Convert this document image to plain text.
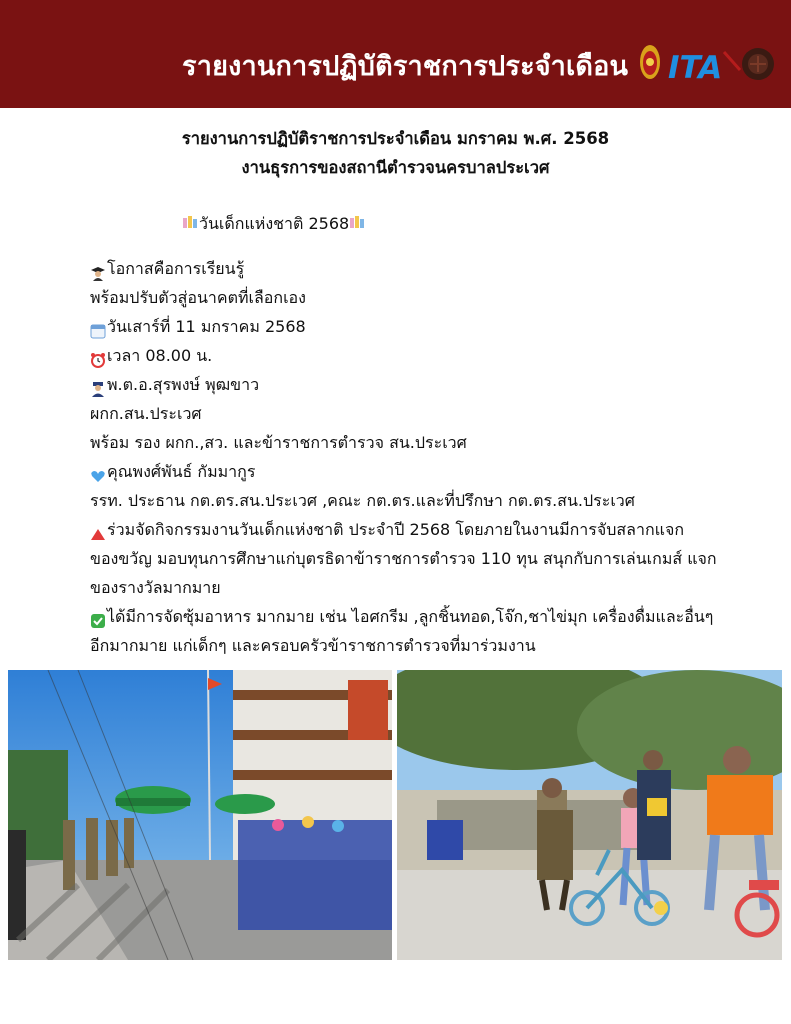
รายงานการปฏิบัติราชการประจำเดือน ITA
รายงานการปฏิบัติราชการประจำเดือน มกราคม พ.ศ. 2568
งานธุรการของสถานีตำรวจนครบาลประเวศ
วันเด็กแห่งชาติ 2568
โอกาสคือการเรียนรู้
พร้อมปรับตัวสู่อนาคตที่เลือกเอง
วันเสาร์ที่ 11 มกราคม 2568
เวลา 08.00 น.
พ.ต.อ.สุรพงษ์ พุฒขาว
ผกก.สน.ประเวศ
พร้อม รอง ผกก.,สว. และข้าราชการตำรวจ สน.ประเวศ
คุณพงศ์พันธ์ กัมมากูร
รรท. ประธาน กต.ตร.สน.ประเวศ ,คณะ กต.ตร.และที่ปรึกษา กต.ตร.สน.ประเวศ
ร่วมจัดกิจกรรมงานวันเด็กแห่งชาติ ประจำปี 2568 โดยภายในงานมีการจับสลากแจก
ของขวัญ มอบทุนการศึกษาแก่บุตรธิดาข้าราชการตำรวจ 110 ทุน สนุกกับการเล่นเกมส์ แจก
ของรางวัลมากมาย
ได้มีการจัดซุ้มอาหาร มากมาย เช่น ไอศกรีม ,ลูกชิ้นทอด,โจ๊ก,ชาไข่มุก เครื่องดื่มและอื่นๆ
อีกมากมาย แก่เด็กๆ และครอบครัวข้าราชการตำรวจที่มาร่วมงาน
